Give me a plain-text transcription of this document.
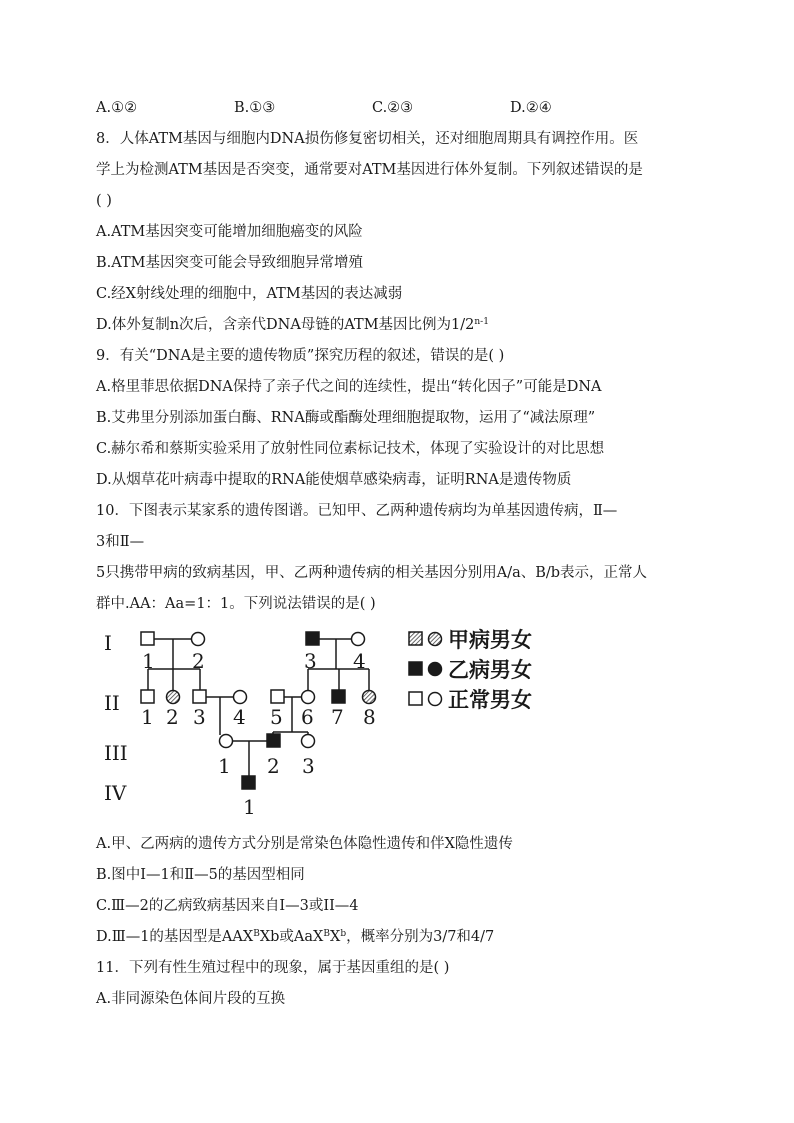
A.①②	B.①③	C.②③	D.②④
8．人体ATM基因与细胞内DNA损伤修复密切相关，还对细胞周期具有调控作用。医
学上为检测ATM基因是否突变，通常要对ATM基因进行体外复制。下列叙述错误的是
( )
A.ATM基因突变可能增加细胞癌变的风险
B.ATM基因突变可能会导致细胞异常增殖
C.经X射线处理的细胞中，ATM基因的表达减弱
D.体外复制n次后，含亲代DNA母链的ATM基因比例为1/2$^{n-1}$
9．有关“DNA是主要的遗传物质”探究历程的叙述，错误的是( )
A.格里菲思依据DNA保持了亲子代之间的连续性，提出“转化因子”可能是DNA
B.艾弗里分别添加蛋白酶、RNA酶或酯酶处理细胞提取物，运用了“减法原理”
C.赫尔希和蔡斯实验采用了放射性同位素标记技术，体现了实验设计的对比思想
D.从烟草花叶病毒中提取的RNA能使烟草感染病毒，证明RNA是遗传物质
10．下图表示某家系的遗传图谱。已知甲、乙两种遗传病均为单基因遗传病，Ⅱ—
3和Ⅱ—
5只携带甲病的致病基因，甲、乙两种遗传病的相关基因分别用A/a、B/b表示，正常人
群中.AA：Aa=1：1。下列说法错误的是( )
I
II
III
IV
1 2	3 4
1 2 3 4 5 6 7 8
1 2 3
1
甲病男女
乙病男女
正常男女
A.甲、乙两病的遗传方式分别是常染色体隐性遗传和伴X隐性遗传
B.图中Ⅰ—1和Ⅱ—5的基因型相同
C.Ⅲ—2的乙病致病基因来自Ⅰ—3或ⅠⅠ—4
D.Ⅲ—1的基因型是$AAX^BXb$或$AaX^BX^b$，概率分别为3/7和4/7
11．下列有性生殖过程中的现象，属于基因重组的是( )
A.非同源染色体间片段的互换
